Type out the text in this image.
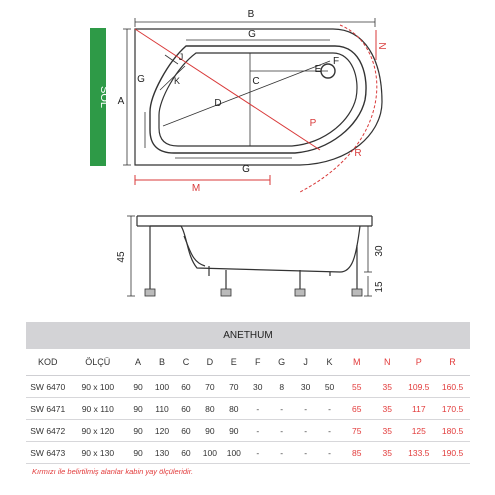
SOL
B
G
A
G
G
C
D
E
F
J
K
N
P
R
M
45
30
15
ANETHUM
KOD	ÖLÇÜ	A	B	C	D	E	F	G	J	K	M	N	P	R
SW 6470	90 x 100	90	100	60	70	70	30	8	30	50	55	35	109.5	160.5
SW 6471	90 x 110	90	110	60	80	80	-	-	-	-	65	35	117	170.5
SW 6472	90 x 120	90	120	60	90	90	-	-	-	-	75	35	125	180.5
SW 6473	90 x 130	90	130	60	100	100	-	-	-	-	85	35	133.5	190.5
Kırmızı ile belirtilmiş alanlar kabin yay ölçüleridir.
